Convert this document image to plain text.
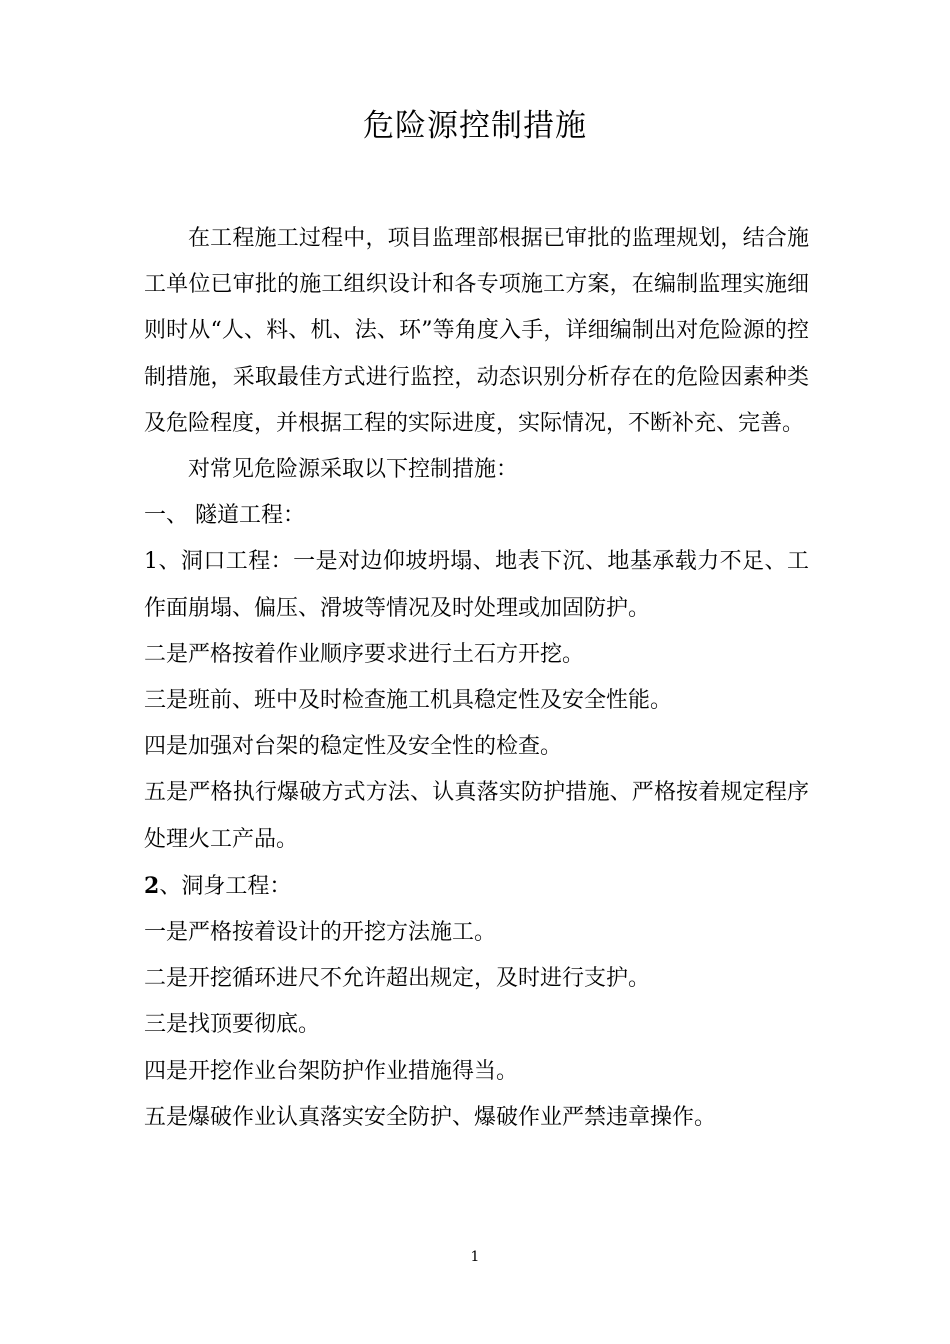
危险源控制措施

在工程施工过程中，项目监理部根据已审批的监理规划，结合施工单位已审批的施工组织设计和各专项施工方案，在编制监理实施细则时从“人、料、机、法、环”等角度入手，详细编制出对危险源的控制措施，采取最佳方式进行监控，动态识别分析存在的危险因素种类及危险程度，并根据工程的实际进度，实际情况，不断补充、完善。

对常见危险源采取以下控制措施：

一、 隧道工程：

1、洞口工程：一是对边仰坡坍塌、地表下沉、地基承载力不足、工作面崩塌、偏压、滑坡等情况及时处理或加固防护。

二是严格按着作业顺序要求进行土石方开挖。

三是班前、班中及时检查施工机具稳定性及安全性能。

四是加强对台架的稳定性及安全性的检查。

五是严格执行爆破方式方法、认真落实防护措施、严格按着规定程序处理火工产品。

2、洞身工程：

一是严格按着设计的开挖方法施工。

二是开挖循环进尺不允许超出规定，及时进行支护。

三是找顶要彻底。

四是开挖作业台架防护作业措施得当。

五是爆破作业认真落实安全防护、爆破作业严禁违章操作。

1
